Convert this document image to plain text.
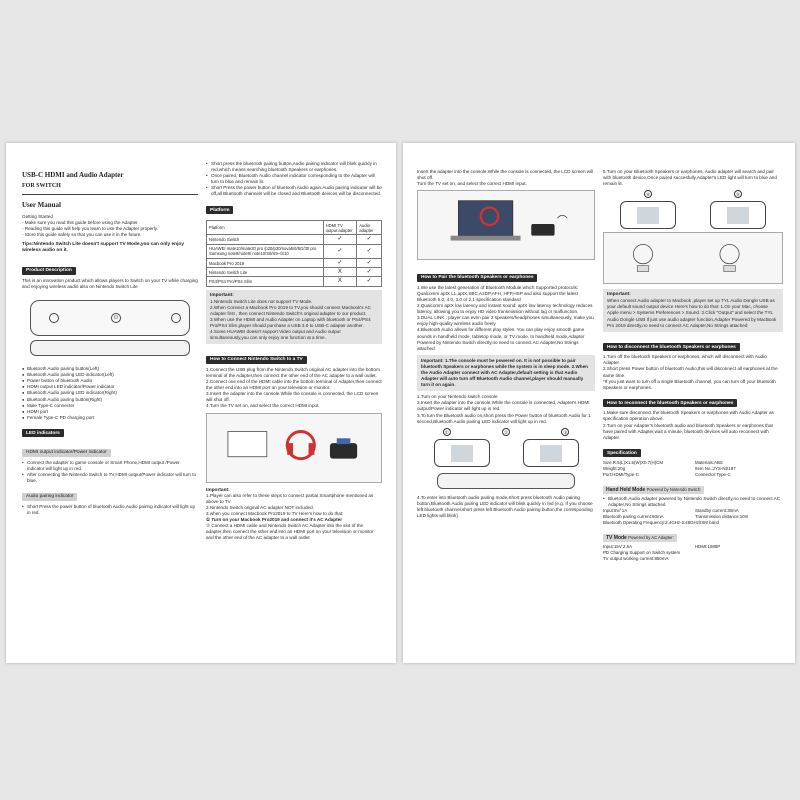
USB-C HDMI and Audio Adapter
FOR SWITCH
User Manual

Getting Started

- Make sure you read this guide before using the Adapter.

- Reading this guide will help you learn to use the Adapter properly.

- Store this guide safely so that you can use it in the future.

Tips:Nintendo Switch Lite doesn't support TV Mode,you can only enjoy wireless audio on it.
Product Description

This is an innovation product which allows players to Switch on your TV while charging and enjoying wireless audio also on Nintendo Switch Lite

⏻
● Bluetooth Audio pairing button(Left)
● Bluetooth Audio pairing LED indicator(Left)
● Power button of bluetooth Audio
● HDMI output LED indicator/Power indicator
● Bluetooth Audio pairing LED indicator(Right)
● Bluetooth Audio pairing button(Right)
● Male Type-C connecter
● HDMI port
● Female Type-C PD charging port
LED indicators
HDMI output indicator/Power indicator
• Connect the adapter to game console or Smart Phone,HDMI output /Power indicator will light up in red.
• After connecting the Nintendo Switch to TV,HDMI output/Power indicator will turn to blue.
Audio pairing indicator
• Short Press the power button of bluetooth Audio,Audio pairing indicator will light up in red.
• Short press the bluetooth pairing button,Audio pairing indicator will blink quickly in red,which means searching bluetooth Speakers or earphones.
• Once paired, Bluetooth Audio channel indicator corresponding to the Adapter will turn to blue and remain lit.
• Short Press the power button of bluetooth Audio again,Audio pairing indicator will be off,all Bluetooth channels will be closed and Bluetooth devices will be disconnected.
Platform
Platform	HDMI TV output adapter	Audio adapter
Nintendo Switch	✓	✓
HUAWEI mate10/mate20 pro /p20/p30/nova5/6/5G/30 pro Samsung note8/note9/ note10/S8/S9~/S10	✓	✓
Macbook Pro 2019	✓	✓
Nintendo Switch Lite	X	✓
PS4/PS4 Pro/PS4 Slim	X	✓
Important:

1.Nintendo Switch Lite does not support TV Mode.

2.When Connect a Macbook Pro 2019 to TV,you should connect Macbook's AC Adapter first , then connect Nintendo Switch's original adapter to our product.

3.When use the HDMI and Audio Adapter on Laptop with bluetooth or PS4/PS4 Pro/PS4 Slim,player should purchase a USB 3.0 to USB-C adapter another.

4.Some HUAWEI doesn't support Video output and Audio output simultaneously,you can only enjoy one function at a time.

How to Connect Nintendo Switch to a TV

1.Connect the USB plug from the Nintendo Switch original AC adapter into the bottom terminal of the Adapter,then connect the other end of the AC adapter to a wall outlet.

2.Connect one end of the HDMI cable into the bottom terminal of Adapter,then connect the other end into an HDMI port on your television or monitor.

3.Insert the adapter into the console.While the console is connected, the LCD screen will shut off.

4.Turn the TV set on, and select the correct HDMI input.

Important:

1.Player can also refer to these steps to connect partial Smartphone mentioned as above to TV

2.Nintendo Switch original AC adapter NOT included.

3.when you connect Macbook Pro2019 to TV Here's how to do that:

① Turn on your Macbook Pro2019 and connect it's AC Adapter

② Connect a HDMI cable and Nintendo Switch AC Adapter into the slot of the adapter,then connect the other end into an HDMI port on your television or monitor and the other end of the AC adapter to a wall outlet

Insert the adapter into the console.While the console is connected, the LCD screen will shut off.

Turn the TV set on, and select the correct HDMI input.

How to Pair the bluetooth Speakers or earphones

1.We use the latest generation of Bluetooth Module,which Supported protocols: Qualcomm aptX LL,aptX,SBC,A2DP,AFH, HFP,HSP and also support the latest Bluetooth 5.0, 4.0, 3.0 or 2.1 specification standard

2.Qualcomm aptX low latency and instant sound: aptX low latency technology reduces latency, allowing you to enjoy HD video transmission without lag or malfunction.

3.DUAL LINK : player can even pair 2 speakers/headphones simultaneously, make you enjoy high-quality wireless audio freely

4.Bluetooth Audio allows for different play styles. You can play enjoy smooth game sounds in handheld mode, tabletop mode, or TV mode. In handheld mode,Adapter Powered by Nintendo Switch directly,no need to connect AC Adapter,No Strings attached

Important: 1.The console must be powered on. It is not possible to pair bluetooth Speakers or earphones while the system is in sleep mode. 2.When the Audio Adapter connect with AC Adapter,default setting is that Audio Adapter will auto turn off Bluetooth Audio channel,player should manually turn it on again.

1.Turn on your Nintendo switch console

2.Insert the adapter into the console.While the console is connected, Adapter's HDMI output/Power indicator will light up in red.

3.To turn the Bluetooth audio on,short press the Power button of bluetooth Audio for 1 second,Bluetooth Audio pairing LED indicator will light up in red.

①	②	③

4.To enter into Bluetooth audio pairing mode,Short press bluetooth Audio pairing button,Bluetooth Audio pairing LED indicator will blink quickly in red (e.g. If you choose left bluetooth channel,short press left Bluetooth Audio pairing button,the corresponding LED lights will blink)

5.Turn on your Bluetooth Speakers or earphones, Audio adapter will search and pair with bluetooth device,Once paired succesfully,Adapter's LED light will turn to blue and remain lit.

④	⑤
Important:

When connect Audio adapter to Macbook ,player set up TYL Audio Dongle USB as your default sound output device Here's how to do that: 1.On your Mac, choose Apple menu > Systems Preferences > Sound. 2.Click "Output" and select the TYL Audio Dongle USB If just use audio adapter function,Adapter Powered by MacBook Pro 2019 directly,no need to connect AC Adapter,No Strings attached

How to disconnect the bluetooth Speakers or earphones

1.Turn off the bluetooth Speakers or earphones, which will disconnect with Audio Adapter.

2.Short press Power button of bluetooth Audio,this will disconnect all earphones at the same time.

*If you just want to turn off a single Bluetooth channel, you can turn off your bluetooth Speakers or earphones.

How to reconnect the bluetooth Speakers or earphones

1.Make sure disconnect the bluetooth Speakers or earphones with Audio Adapter as specification operation above.

2.Turn on your Adapter's bluetooth audio and bluetooth Speakers or earphones that have paired with Adapter,wait a minute, bluetooth devices will auto reconnect with Adapter.

Specification
Size:R.5(L)X1.5(W)X0.7(H)CM	Materials:ABS
Weight:20g	Item No.:JYS-NS187
Port:HDMI/Type-C	Connector:Type-C
Hand Held Mode Powered by Nintendo Switch:
• Bluetooth Audio Adapter powered by Nintendo Switch directly,no need to connect AC Adapter,No Strings attached
Input:5V/ 1A	Standby current:30mA
Bluetooth pairing current:60mA	Transmission distance:10m
Bluetooth Operating Frequency:2.4GHz-2.48GHz/ISM band
TV Mode Powered by AC Adapter:
Input:15V 2.6A	HDMI:1080P
PD Charging Support on Switch system
TV output working current:850mA
